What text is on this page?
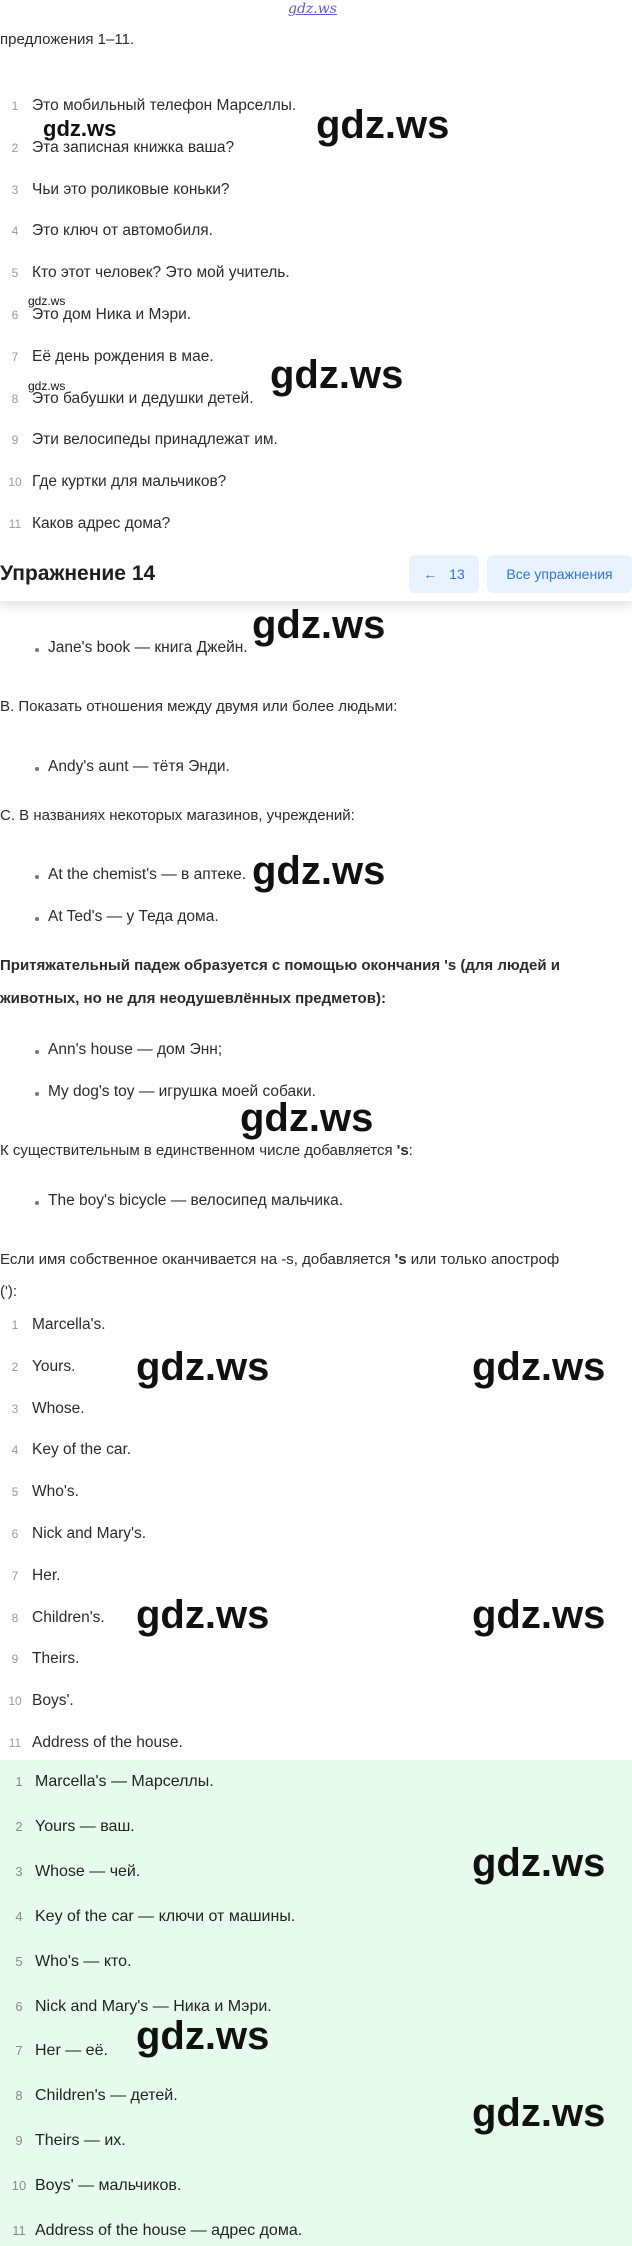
gdz.ws
предложения 1–11.
1 Это мобильный телефон Марселлы.
2 Эта записная книжка ваша?
3 Чьи это роликовые коньки?
4 Это ключ от автомобиля.
5 Кто этот человек? Это мой учитель.
6 Это дом Ника и Мэри.
7 Её день рождения в мае.
8 Это бабушки и дедушки детей.
9 Эти велосипеды принадлежат им.
10 Где куртки для мальчиков?
11 Каков адрес дома?
Упражнение 14	← 13	Все упражнения
Jane's book — книга Джейн.
B. Показать отношения между двумя или более людьми:
Andy's aunt — тётя Энди.
C. В названиях некоторых магазинов, учреждений:
At the chemist's — в аптеке.
At Ted's — у Теда дома.
Притяжательный падеж образуется с помощью окончания 's (для людей и
животных, но не для неодушевлённых предметов):
Ann's house — дом Энн;
My dog's toy — игрушка моей собаки.
К существительным в единственном числе добавляется 's:
The boy's bicycle — велосипед мальчика.
Если имя собственное оканчивается на -s, добавляется 's или только апостроф
('):
1 Marcella's.
2 Yours.
3 Whose.
4 Key of the car.
5 Who's.
6 Nick and Mary's.
7 Her.
8 Children's.
9 Theirs.
10 Boys'.
11 Address of the house.
1 Marcella's — Марселлы.
2 Yours — ваш.
3 Whose — чей.
4 Key of the car — ключи от машины.
5 Who's — кто.
6 Nick and Mary's — Ника и Мэри.
7 Her — её.
8 Children's — детей.
9 Theirs — их.
10 Boys' — мальчиков.
11 Address of the house — адрес дома.
gdz.ws
gdz.ws
gdz.ws
gdz.ws
gdz.ws
gdz.ws
gdz.ws
gdz.ws
gdz.ws	gdz.ws
gdz.ws	gdz.ws
gdz.ws
gdz.ws
gdz.ws
